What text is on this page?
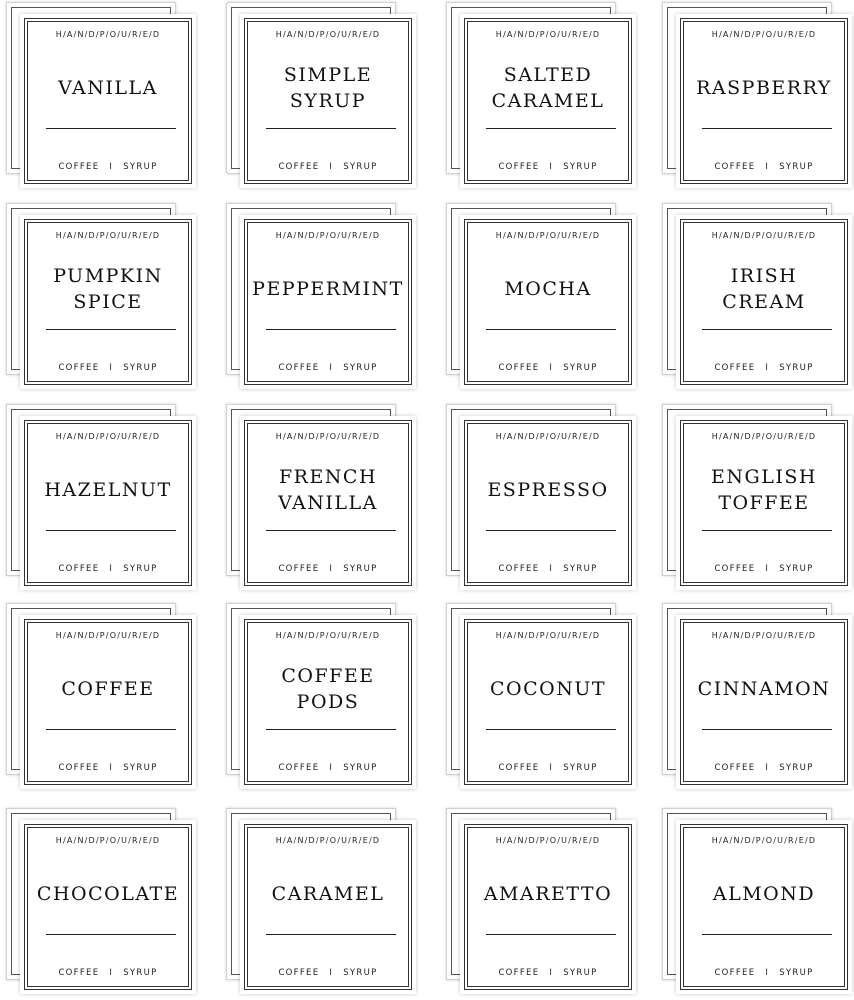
H/A/N/D/P/O/U/R/E/D
VANILLA
COFFEE I SYRUP
H/A/N/D/P/O/U/R/E/D
SIMPLE
SYRUP
COFFEE I SYRUP
H/A/N/D/P/O/U/R/E/D
SALTED
CARAMEL
COFFEE I SYRUP
H/A/N/D/P/O/U/R/E/D
RASPBERRY
COFFEE I SYRUP
H/A/N/D/P/O/U/R/E/D
PUMPKIN
SPICE
COFFEE I SYRUP
H/A/N/D/P/O/U/R/E/D
PEPPERMINT
COFFEE I SYRUP
H/A/N/D/P/O/U/R/E/D
MOCHA
COFFEE I SYRUP
H/A/N/D/P/O/U/R/E/D
IRISH
CREAM
COFFEE I SYRUP
H/A/N/D/P/O/U/R/E/D
HAZELNUT
COFFEE I SYRUP
H/A/N/D/P/O/U/R/E/D
FRENCH
VANILLA
COFFEE I SYRUP
H/A/N/D/P/O/U/R/E/D
ESPRESSO
COFFEE I SYRUP
H/A/N/D/P/O/U/R/E/D
ENGLISH
TOFFEE
COFFEE I SYRUP
H/A/N/D/P/O/U/R/E/D
COFFEE
COFFEE I SYRUP
H/A/N/D/P/O/U/R/E/D
COFFEE
PODS
COFFEE I SYRUP
H/A/N/D/P/O/U/R/E/D
COCONUT
COFFEE I SYRUP
H/A/N/D/P/O/U/R/E/D
CINNAMON
COFFEE I SYRUP
H/A/N/D/P/O/U/R/E/D
CHOCOLATE
COFFEE I SYRUP
H/A/N/D/P/O/U/R/E/D
CARAMEL
COFFEE I SYRUP
H/A/N/D/P/O/U/R/E/D
AMARETTO
COFFEE I SYRUP
H/A/N/D/P/O/U/R/E/D
ALMOND
COFFEE I SYRUP
